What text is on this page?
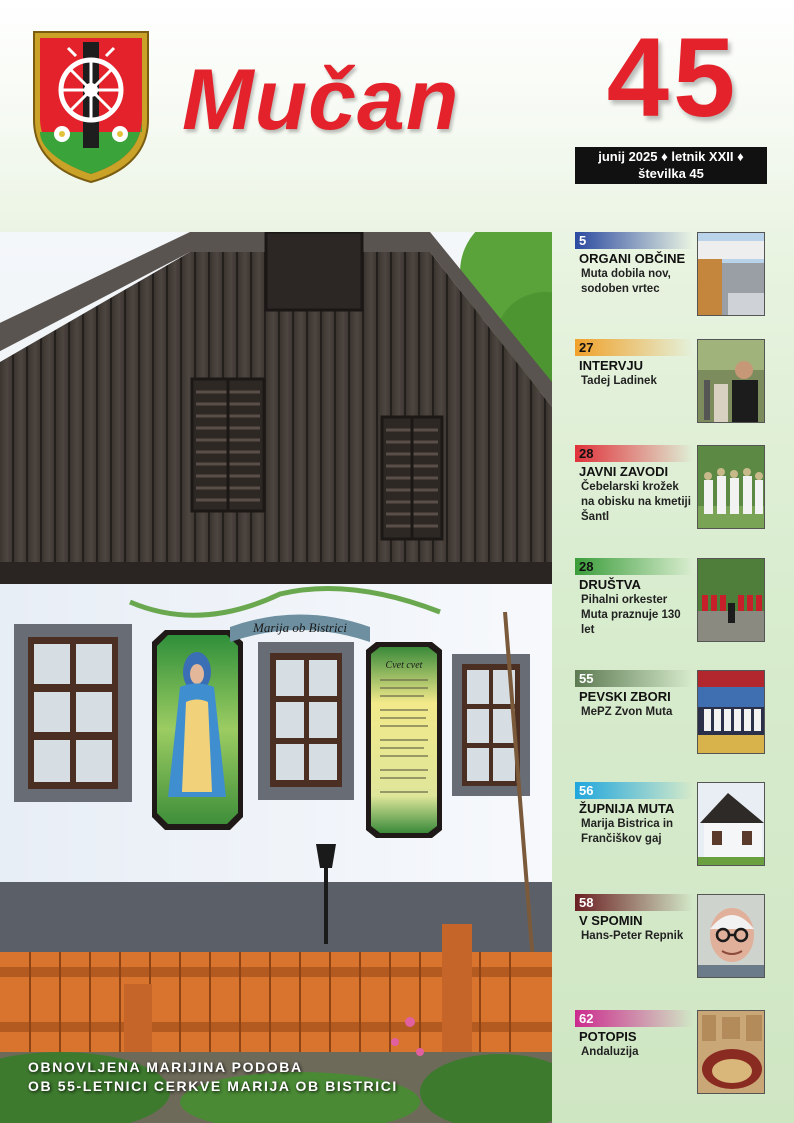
Mučan 45
junij 2025 ♦ letnik XXII ♦
številka 45
Marija ob Bistrici
Cvet cvet
OBNOVLJENA MARIJINA PODOBA
OB 55-LETNICI CERKVE MARIJA OB BISTRICI
5
ORGANI OBČINE
Muta dobila nov, sodoben vrtec
27
INTERVJU
Tadej Ladinek
28
JAVNI ZAVODI
Čebelarski krožek na obisku na kmetiji Šantl
28
DRUŠTVA
Pihalni orkester Muta praznuje 130 let
55
PEVSKI ZBORI
MePZ Zvon Muta
56
ŽUPNIJA MUTA
Marija Bistrica in Frančiškov gaj
58
V SPOMIN
Hans-Peter Repnik
62
POTOPIS
Andaluzija
